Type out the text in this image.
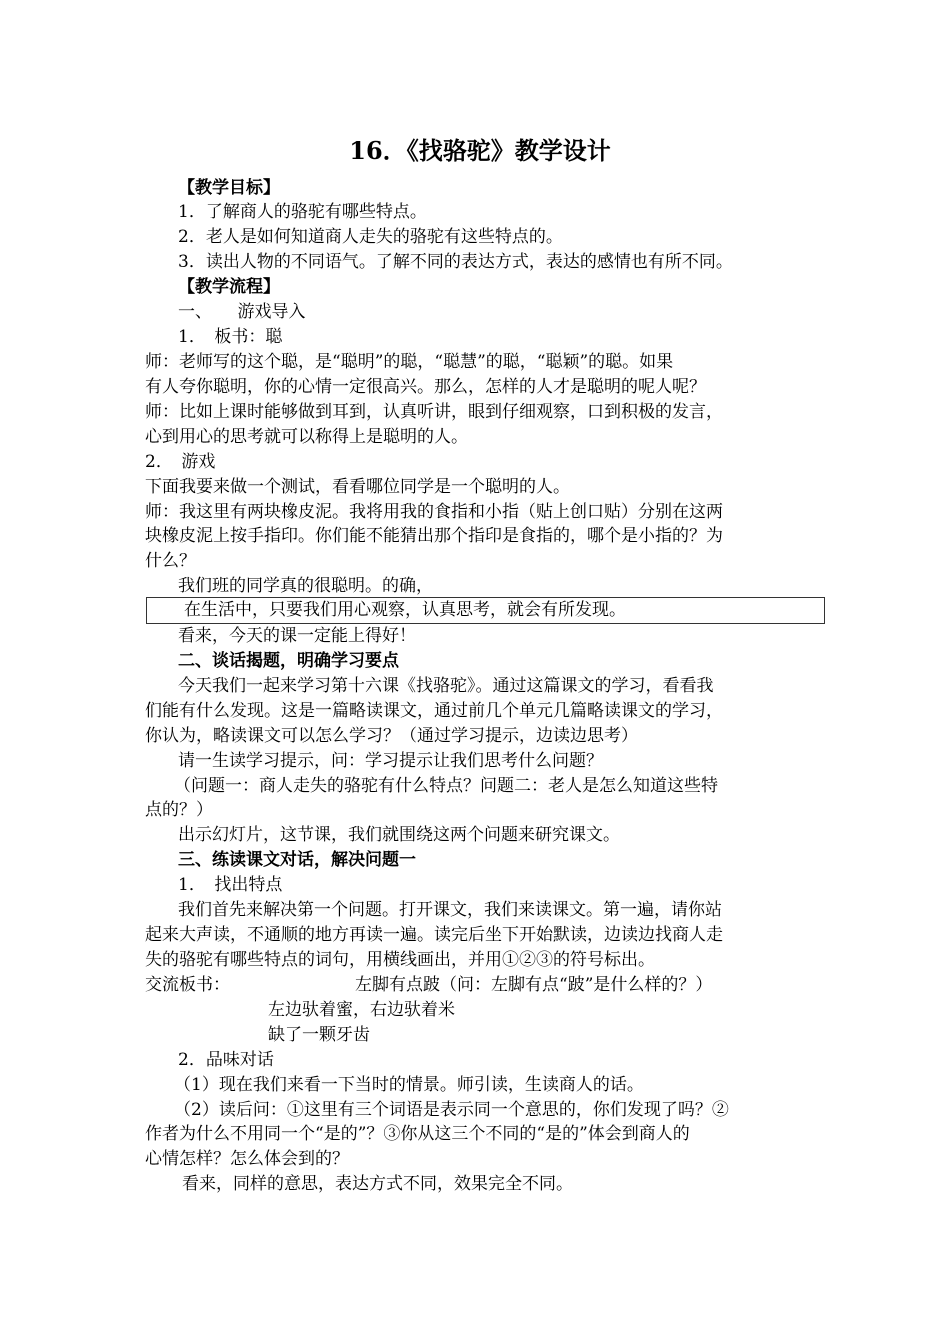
16．《找骆驼》教学设计

【教学目标】

1．了解商人的骆驼有哪些特点。

2．老人是如何知道商人走失的骆驼有这些特点的。

3．读出人物的不同语气。了解不同的表达方式，表达的感情也有所不同。

【教学流程】

一、　　游戏导入

1．　板书：聪

师：老师写的这个聪，是“聪明”的聪，“聪慧”的聪，“聪颖”的聪。如果

有人夸你聪明，你的心情一定很高兴。那么，怎样的人才是聪明的呢人呢？

师：比如上课时能够做到耳到，认真听讲，眼到仔细观察，口到积极的发言，

心到用心的思考就可以称得上是聪明的人。

2．　游戏

下面我要来做一个测试，看看哪位同学是一个聪明的人。

师：我这里有两块橡皮泥。我将用我的食指和小指（贴上创口贴）分别在这两

块橡皮泥上按手指印。你们能不能猜出那个指印是食指的，哪个是小指的？为

什么？

我们班的同学真的很聪明。的确，

在生活中，只要我们用心观察，认真思考，就会有所发现。

看来，今天的课一定能上得好！

二、谈话揭题，明确学习要点

今天我们一起来学习第十六课《找骆驼》。通过这篇课文的学习，看看我

们能有什么发现。这是一篇略读课文，通过前几个单元几篇略读课文的学习，

你认为，略读课文可以怎么学习？（通过学习提示，边读边思考）

请一生读学习提示，问：学习提示让我们思考什么问题？

（问题一：商人走失的骆驼有什么特点？问题二：老人是怎么知道这些特

点的？）

出示幻灯片，这节课，我们就围绕这两个问题来研究课文。

三、练读课文对话，解决问题一

1．　找出特点

我们首先来解决第一个问题。打开课文，我们来读课文。第一遍，请你站

起来大声读，不通顺的地方再读一遍。读完后坐下开始默读，边读边找商人走

失的骆驼有哪些特点的词句，用横线画出，并用①②③的符号标出。

交流板书：	左脚有点跛（问：左脚有点“跛”是什么样的？）
左边驮着蜜，右边驮着米
缺了一颗牙齿

2．品味对话

（1）现在我们来看一下当时的情景。师引读，生读商人的话。

（2）读后问：①这里有三个词语是表示同一个意思的，你们发现了吗？②

作者为什么不用同一个“是的”？③你从这三个不同的“是的”体会到商人的

心情怎样？怎么体会到的？

看来，同样的意思，表达方式不同，效果完全不同。
